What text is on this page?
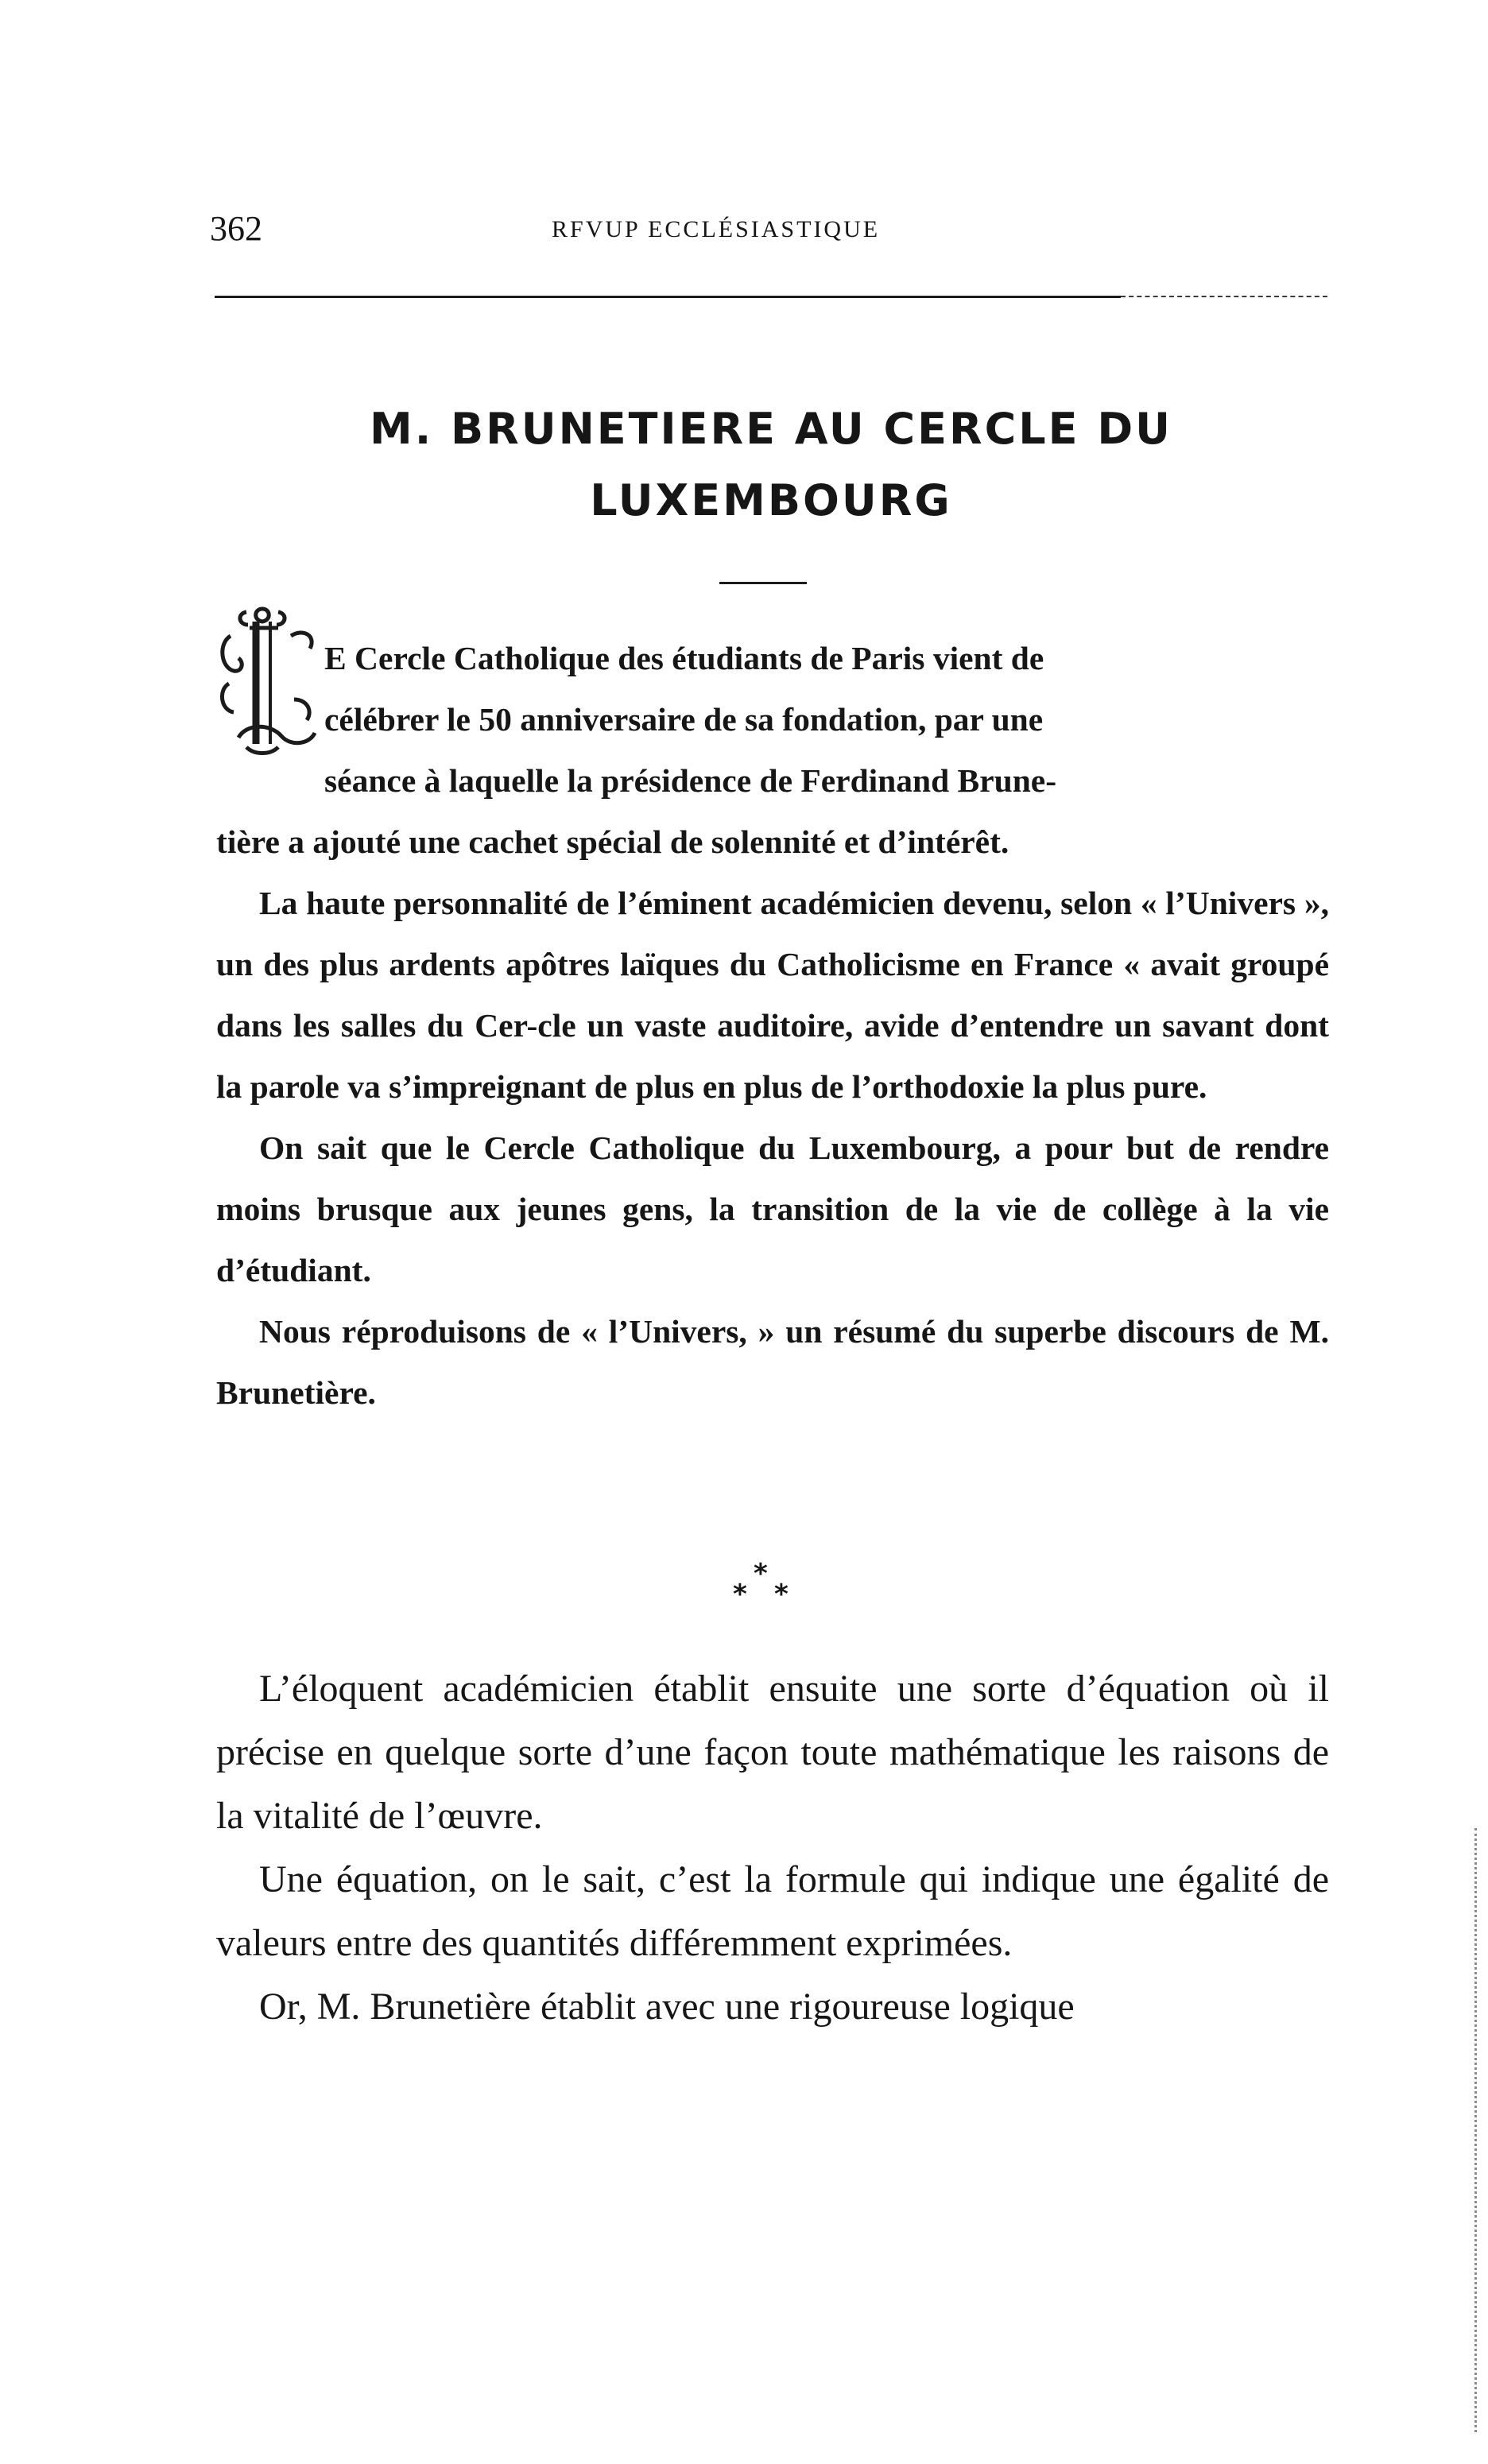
362	RFVUP ECCLÉSIASTIQUE
M. BRUNETIERE AU CERCLE DU
LUXEMBOURG

E Cercle Catholique des étudiants de Paris vient de
célébrer le 50 anniversaire de sa fondation, par une
séance à laquelle la présidence de Ferdinand Brune-
tière a ajouté une cachet spécial de solennité et d’intérêt.

La haute personnalité de l’éminent académicien devenu, selon « l’Univers », un des plus ardents apôtres laïques du Catholicisme en France « avait groupé dans les salles du Cer-cle un vaste auditoire, avide d’entendre un savant dont la parole va s’impreignant de plus en plus de l’orthodoxie la plus pure.

On sait que le Cercle Catholique du Luxembourg, a pour but de rendre moins brusque aux jeunes gens, la transition de la vie de collège à la vie d’étudiant.

Nous réproduisons de « l’Univers, » un résumé du superbe discours de M. Brunetière.

*
* *

L’éloquent académicien établit ensuite une sorte d’équation où il précise en quelque sorte d’une façon toute mathématique les raisons de la vitalité de l’œuvre.

Une équation, on le sait, c’est la formule qui indique une égalité de valeurs entre des quantités différemment exprimées.

Or, M. Brunetière établit avec une rigoureuse logique
